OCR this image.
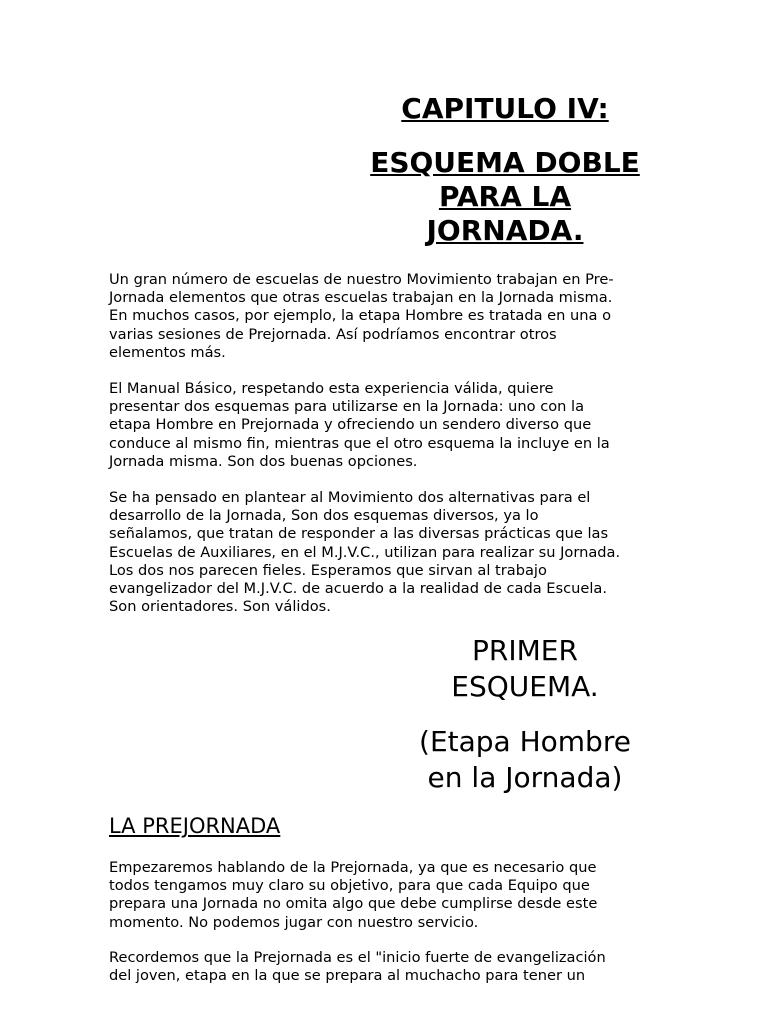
CAPITULO IV:
ESQUEMA DOBLE
PARA LA
JORNADA.

Un gran número de escuelas de nuestro Movimiento trabajan en Pre-
Jornada elementos que otras escuelas trabajan en la Jornada misma.
En muchos casos, por ejemplo, la etapa Hombre es tratada en una o
varias sesiones de Prejornada. Así podríamos encontrar otros
elementos más.

El Manual Básico, respetando esta experiencia válida, quiere
presentar dos esquemas para utilizarse en la Jornada: uno con la
etapa Hombre en Prejornada y ofreciendo un sendero diverso que
conduce al mismo fin, mientras que el otro esquema la incluye en la
Jornada misma. Son dos buenas opciones.

Se ha pensado en plantear al Movimiento dos alternativas para el
desarrollo de la Jornada, Son dos esquemas diversos, ya lo
señalamos, que tratan de responder a las diversas prácticas que las
Escuelas de Auxiliares, en el M.J.V.C., utilizan para realizar su Jornada.
Los dos nos parecen fieles. Esperamos que sirvan al trabajo
evangelizador del M.J.V.C. de acuerdo a la realidad de cada Escuela.
Son orientadores. Son válidos.

PRIMER
ESQUEMA.
(Etapa Hombre
en la Jornada)
LA PREJORNADA

Empezaremos hablando de la Prejornada, ya que es necesario que
todos tengamos muy claro su objetivo, para que cada Equipo que
prepara una Jornada no omita algo que debe cumplirse desde este
momento. No podemos jugar con nuestro servicio.

Recordemos que la Prejornada es el "inicio fuerte de evangelización
del joven, etapa en la que se prepara al muchacho para tener un
